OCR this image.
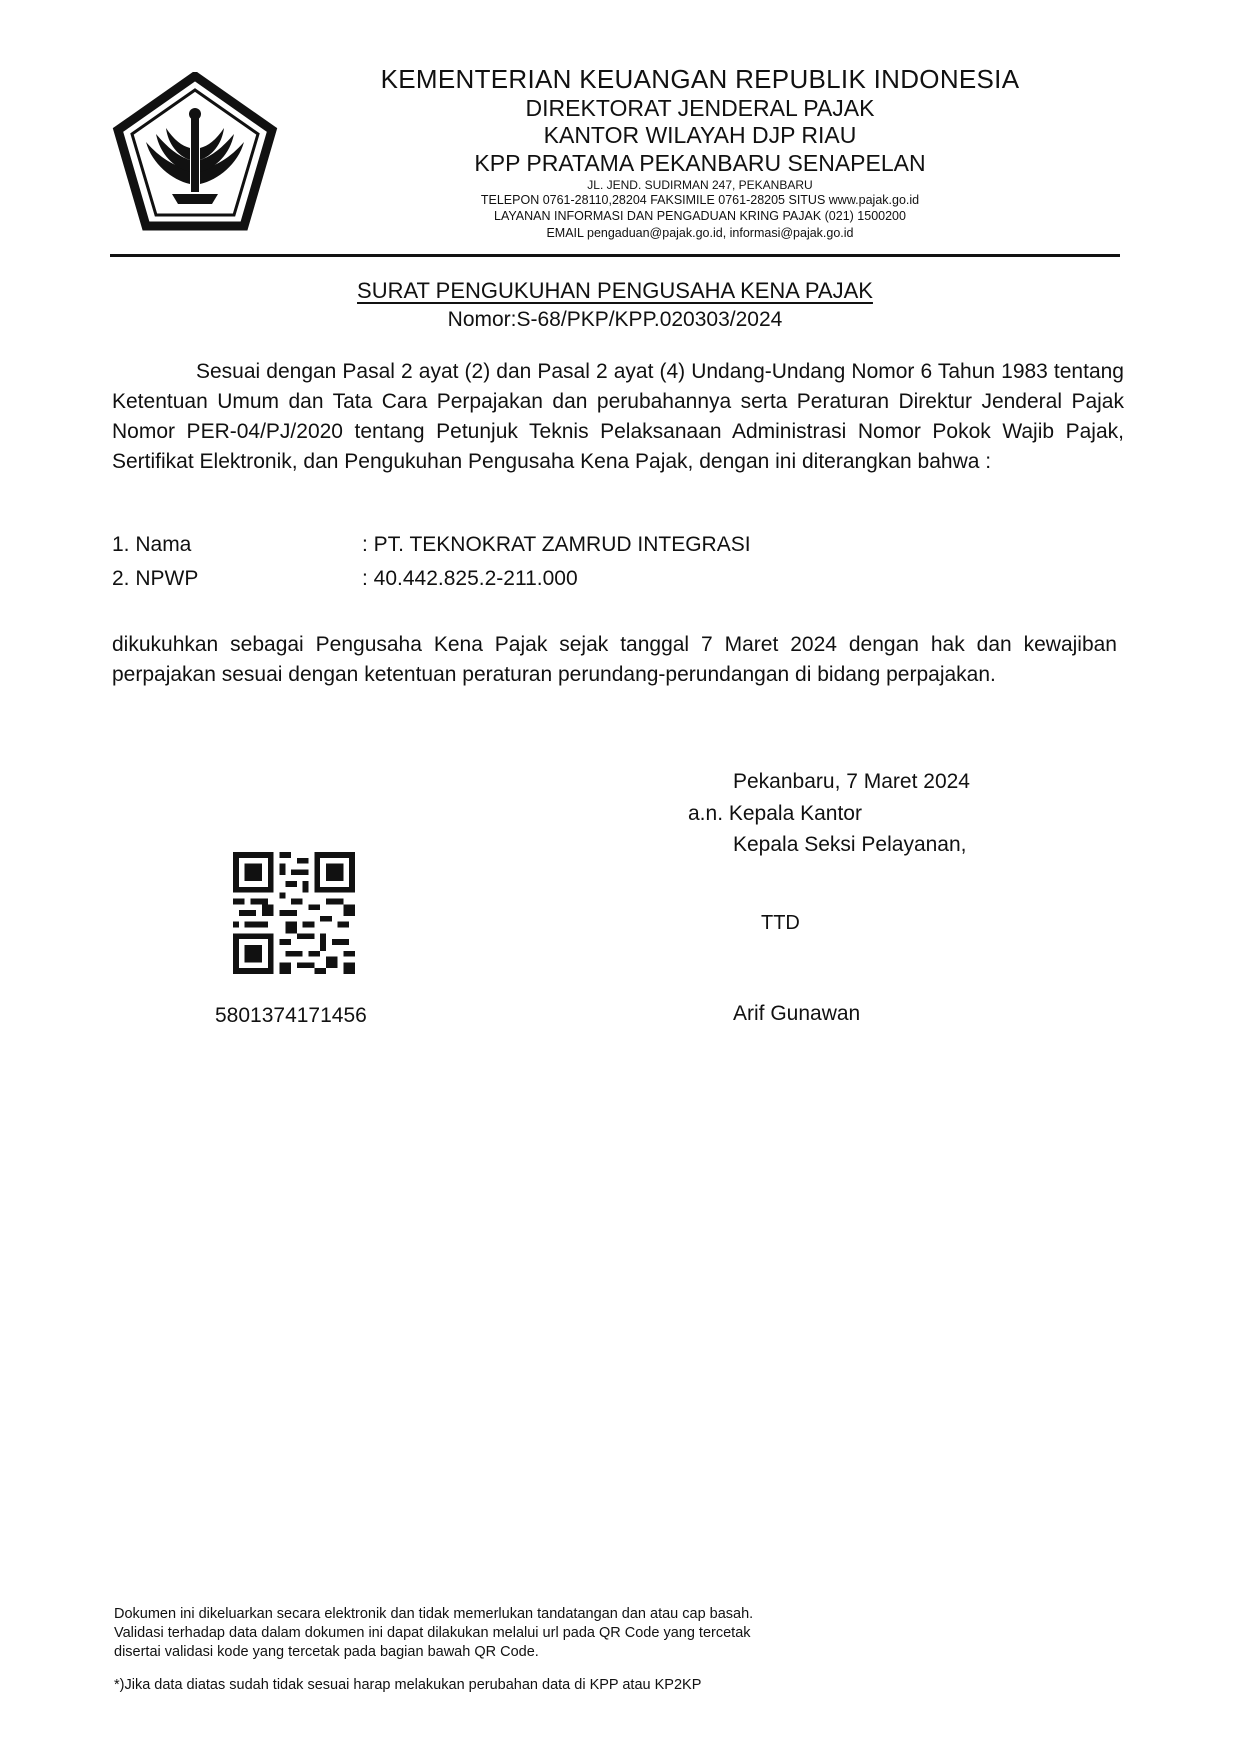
KEMENTERIAN KEUANGAN REPUBLIK INDONESIA
DIREKTORAT JENDERAL PAJAK
KANTOR WILAYAH DJP RIAU
KPP PRATAMA PEKANBARU SENAPELAN
JL. JEND. SUDIRMAN 247, PEKANBARU
TELEPON 0761-28110,28204 FAKSIMILE 0761-28205 SITUS www.pajak.go.id
LAYANAN INFORMASI DAN PENGADUAN KRING PAJAK (021) 1500200
EMAIL pengaduan@pajak.go.id, informasi@pajak.go.id
SURAT PENGUKUHAN PENGUSAHA KENA PAJAK
Nomor:S-68/PKP/KPP.020303/2024
Sesuai dengan Pasal 2 ayat (2) dan Pasal 2 ayat (4) Undang-Undang Nomor 6 Tahun 1983 tentang Ketentuan Umum dan Tata Cara Perpajakan dan perubahannya serta Peraturan Direktur Jenderal Pajak Nomor PER-04/PJ/2020 tentang Petunjuk Teknis Pelaksanaan Administrasi Nomor Pokok Wajib Pajak, Sertifikat Elektronik, dan Pengukuhan Pengusaha Kena Pajak, dengan ini diterangkan bahwa :
1. Nama	: PT. TEKNOKRAT ZAMRUD INTEGRASI
2. NPWP	: 40.442.825.2-211.000
dikukuhkan sebagai Pengusaha Kena Pajak sejak tanggal 7 Maret 2024 dengan hak dan kewajiban perpajakan sesuai dengan ketentuan peraturan perundang-perundangan di bidang perpajakan.
Pekanbaru, 7 Maret 2024
a.n. Kepala Kantor
Kepala Seksi Pelayanan,
TTD
Arif Gunawan
5801374171456
Dokumen ini dikeluarkan secara elektronik dan tidak memerlukan tandatangan dan atau cap basah.
Validasi terhadap data dalam dokumen ini dapat dilakukan melalui url pada QR Code yang tercetak
disertai validasi kode yang tercetak pada bagian bawah QR Code.
*)Jika data diatas sudah tidak sesuai harap melakukan perubahan data di KPP atau KP2KP
